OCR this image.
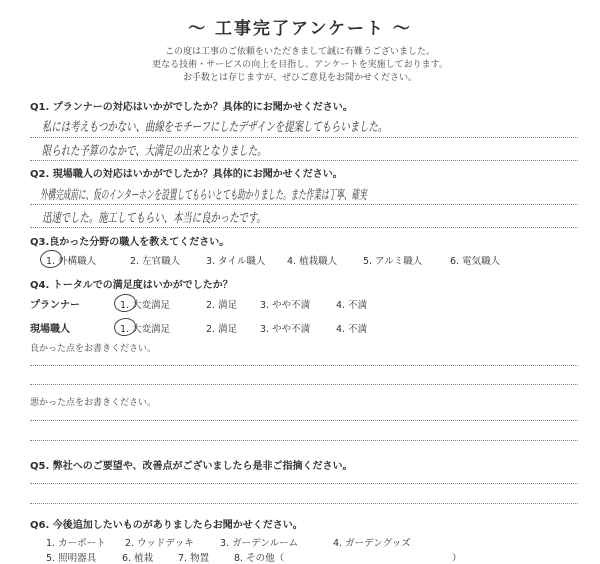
～ 工事完了アンケート ～
この度は工事のご依頼をいただきまして誠に有難うございました。
更なる技術・サービスの向上を目指し、アンケートを実施しております。
お手数とは存じますが、ぜひご意見をお聞かせください。
Q1. プランナーの対応はいかがでしたか？具体的にお聞かせください。
私には考えもつかない、曲線をモチーフにしたデザインを提案してもらいました。
限られた予算のなかで、大満足の出来となりました。
Q2. 現場職人の対応はいかがでしたか？具体的にお聞かせください。
外構完成前に、仮のインターホンを設置してもらいとても助かりました。また作業は丁寧、確実
迅速でした。施工してもらい、本当に良かったです。
Q3.良かった分野の職人を教えてください。
1. 外構職人	2. 左官職人	3. タイル職人 4. 植栽職人	5. アルミ職人	6. 電気職人
Q4. トータルでの満足度はいかがでしたか？
プランナー	1. 大変満足	2. 満足 3. やや不満	4. 不満
現場職人	1. 大変満足	2. 満足 3. やや不満	4. 不満
良かった点をお書きください。
悪かった点をお書きください。
Q5. 弊社へのご要望や、改善点がございましたら是非ご指摘ください。
Q6. 今後追加したいものがありましたらお聞かせください。
1. カーポート 2. ウッドデッキ	3. ガーデンルーム	4. ガーデングッズ
5. 照明器具	6. 植栽	7. 物置	8. その他（	）
